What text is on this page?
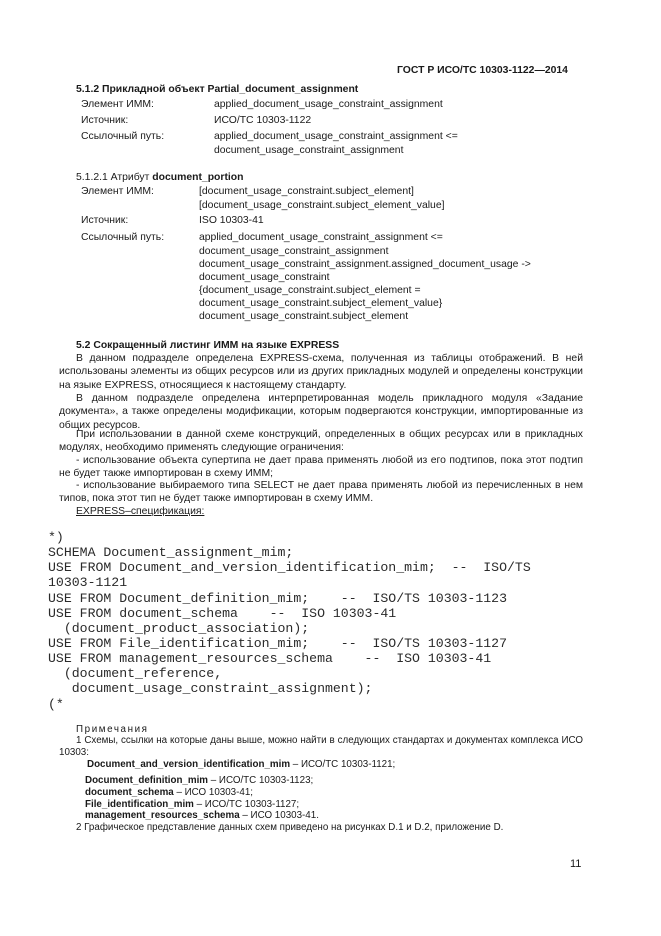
ГОСТ Р ИСО/ТС 10303-1122—2014
5.1.2 Прикладной объект Partial_document_assignment
Элемент ИММ:	applied_document_usage_constraint_assignment
Источник:	ИСО/ТС 10303-1122
Ссылочный путь:	applied_document_usage_constraint_assignment <=
document_usage_constraint_assignment
5.1.2.1 Атрибут document_portion
Элемент ИММ:	[document_usage_constraint.subject_element]
[document_usage_constraint.subject_element_value]
Источник:	ISO 10303-41
Ссылочный путь:	applied_document_usage_constraint_assignment <=
document_usage_constraint_assignment
document_usage_constraint_assignment.assigned_document_usage ->
document_usage_constraint
{document_usage_constraint.subject_element =
document_usage_constraint.subject_element_value}
document_usage_constraint.subject_element
5.2 Сокращенный листинг ИММ на языке EXPRESS
В данном подразделе определена EXPRESS-схема, полученная из таблицы отображений. В ней использованы элементы из общих ресурсов или из других прикладных модулей и определены конструкции на языке EXPRESS, относящиеся к настоящему стандарту.
В данном подразделе определена интерпретированная модель прикладного модуля «Задание документа», а также определены модификации, которым подвергаются конструкции, импортированные из общих ресурсов.
При использовании в данной схеме конструкций, определенных в общих ресурсах или в прикладных модулях, необходимо применять следующие ограничения:
- использование объекта супертипа не дает права применять любой из его подтипов, пока этот подтип не будет также импортирован в схему ИММ;
- использование выбираемого типа SELECT не дает права применять любой из перечисленных в нем типов, пока этот тип не будет также импортирован в схему ИММ.
EXPRESS–спецификация:
*)
SCHEMA Document_assignment_mim;
USE FROM Document_and_version_identification_mim;  --  ISO/TS
10303-1121
USE FROM Document_definition_mim;    --  ISO/TS 10303-1123
USE FROM document_schema    --  ISO 10303-41
(document_product_association);
USE FROM File_identification_mim;    --  ISO/TS 10303-1127
USE FROM management_resources_schema    --  ISO 10303-41
(document_reference,
document_usage_constraint_assignment);
(*
Примечания
1 Схемы, ссылки на которые даны выше, можно найти в следующих стандартах и документах комплекса ИСО 10303:
Document_and_version_identification_mim – ИСО/ТС 10303-1121;
Document_definition_mim – ИСО/ТС 10303-1123;
document_schema – ИСО 10303-41;
File_identification_mim – ИСО/ТС 10303-1127;
management_resources_schema – ИСО 10303-41.
2 Графическое представление данных схем приведено на рисунках D.1 и D.2, приложение D.
11
